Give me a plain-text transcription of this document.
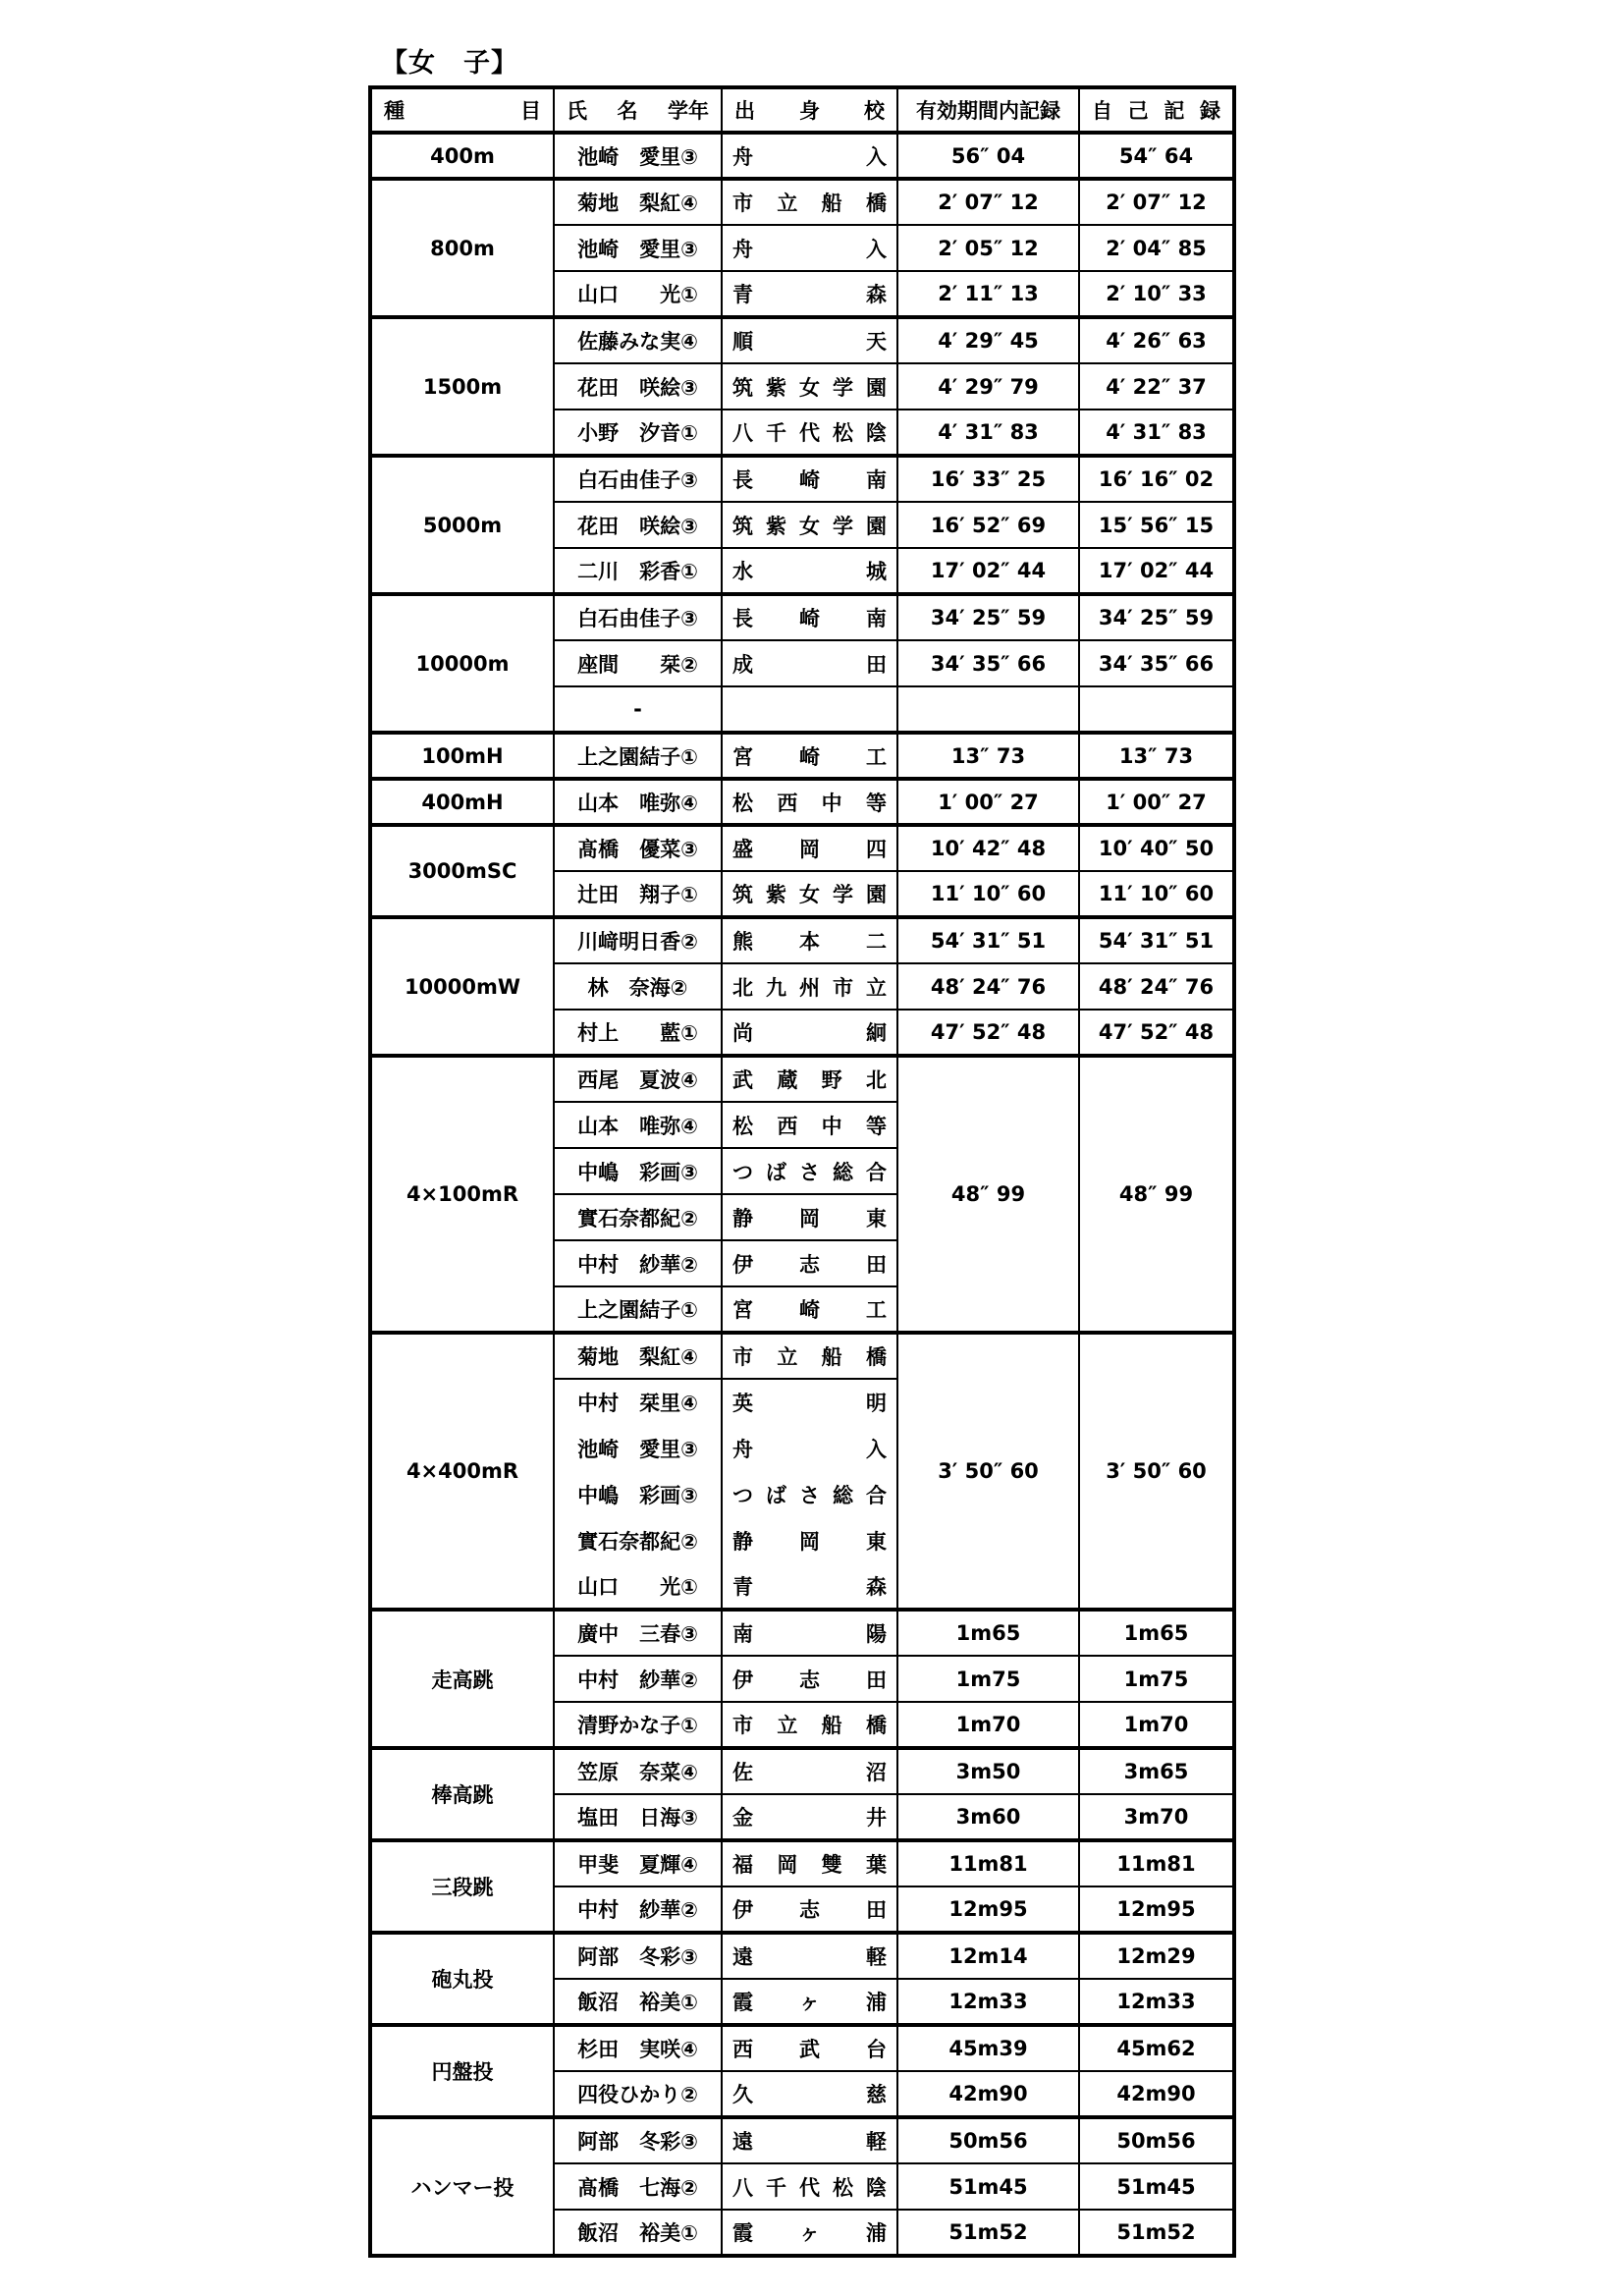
【女　子】
種 目	氏 名 学年	出 身 校	有効期間内記録	自 己 記 録

400m	池崎　愛里③	舟 入	56″ 04	54″ 64
800m	菊地　梨紅④	市 立 船 橋	2′ 07″ 12	2′ 07″ 12
	池崎　愛里③	舟 入	2′ 05″ 12	2′ 04″ 85
	山口　　光①	青 森	2′ 11″ 13	2′ 10″ 33
1500m	佐藤みな実④	順 天	4′ 29″ 45	4′ 26″ 63
	花田　咲絵③	筑 紫 女 学 園	4′ 29″ 79	4′ 22″ 37
	小野　汐音①	八 千 代 松 陰	4′ 31″ 83	4′ 31″ 83
5000m	白石由佳子③	長 崎 南	16′ 33″ 25	16′ 16″ 02
	花田　咲絵③	筑 紫 女 学 園	16′ 52″ 69	15′ 56″ 15
	二川　彩香①	水 城	17′ 02″ 44	17′ 02″ 44
10000m	白石由佳子③	長 崎 南	34′ 25″ 59	34′ 25″ 59
	座間　　栞②	成 田	34′ 35″ 66	34′ 35″ 66
	-	

100mH	上之園結子①	宮 崎 工	13″ 73	13″ 73
400mH	山本　唯弥④	松 西 中 等	1′ 00″ 27	1′ 00″ 27
3000mSC	髙橋　優菜③	盛 岡 四	10′ 42″ 48	10′ 40″ 50
	辻田　翔子①	筑 紫 女 学 園	11′ 10″ 60	11′ 10″ 60
10000mW	川﨑明日香②	熊 本 二	54′ 31″ 51	54′ 31″ 51
	林　奈海②	北 九 州 市 立	48′ 24″ 76	48′ 24″ 76
	村上　　藍①	尚 絅	47′ 52″ 48	47′ 52″ 48
4×100mR	西尾　夏波④	武 蔵 野 北	48″ 99	48″ 99
	山本　唯弥④	松 西 中 等		

	中嶋　彩画③	つ ば さ 総 合		

	實石奈都紀②	静 岡 東		

	中村　紗華②	伊 志 田		

	上之園結子①	宮 崎 工		

4×400mR	菊地　梨紅④	市 立 船 橋	3′ 50″ 60	3′ 50″ 60
	中村　栞里④	英 明		

	池崎　愛里③	舟 入		

	中嶋　彩画③	つ ば さ 総 合		

	實石奈都紀②	静 岡 東		

	山口　　光①	青 森		

走高跳	廣中　三春③	南 陽	1m65	1m65
	中村　紗華②	伊 志 田	1m75	1m75
	清野かな子①	市 立 船 橋	1m70	1m70
棒高跳	笠原　奈菜④	佐 沼	3m50	3m65
	塩田　日海③	金 井	3m60	3m70
三段跳	甲斐　夏輝④	福 岡 雙 葉	11m81	11m81
	中村　紗華②	伊 志 田	12m95	12m95
砲丸投	阿部　冬彩③	遠 軽	12m14	12m29
	飯沼　裕美①	霞 ヶ 浦	12m33	12m33
円盤投	杉田　実咲④	西 武 台	45m39	45m62
	四役ひかり②	久 慈	42m90	42m90
ハンマー投	阿部　冬彩③	遠 軽	50m56	50m56
	髙橋　七海②	八 千 代 松 陰	51m45	51m45
	飯沼　裕美①	霞 ヶ 浦	51m52	51m52
